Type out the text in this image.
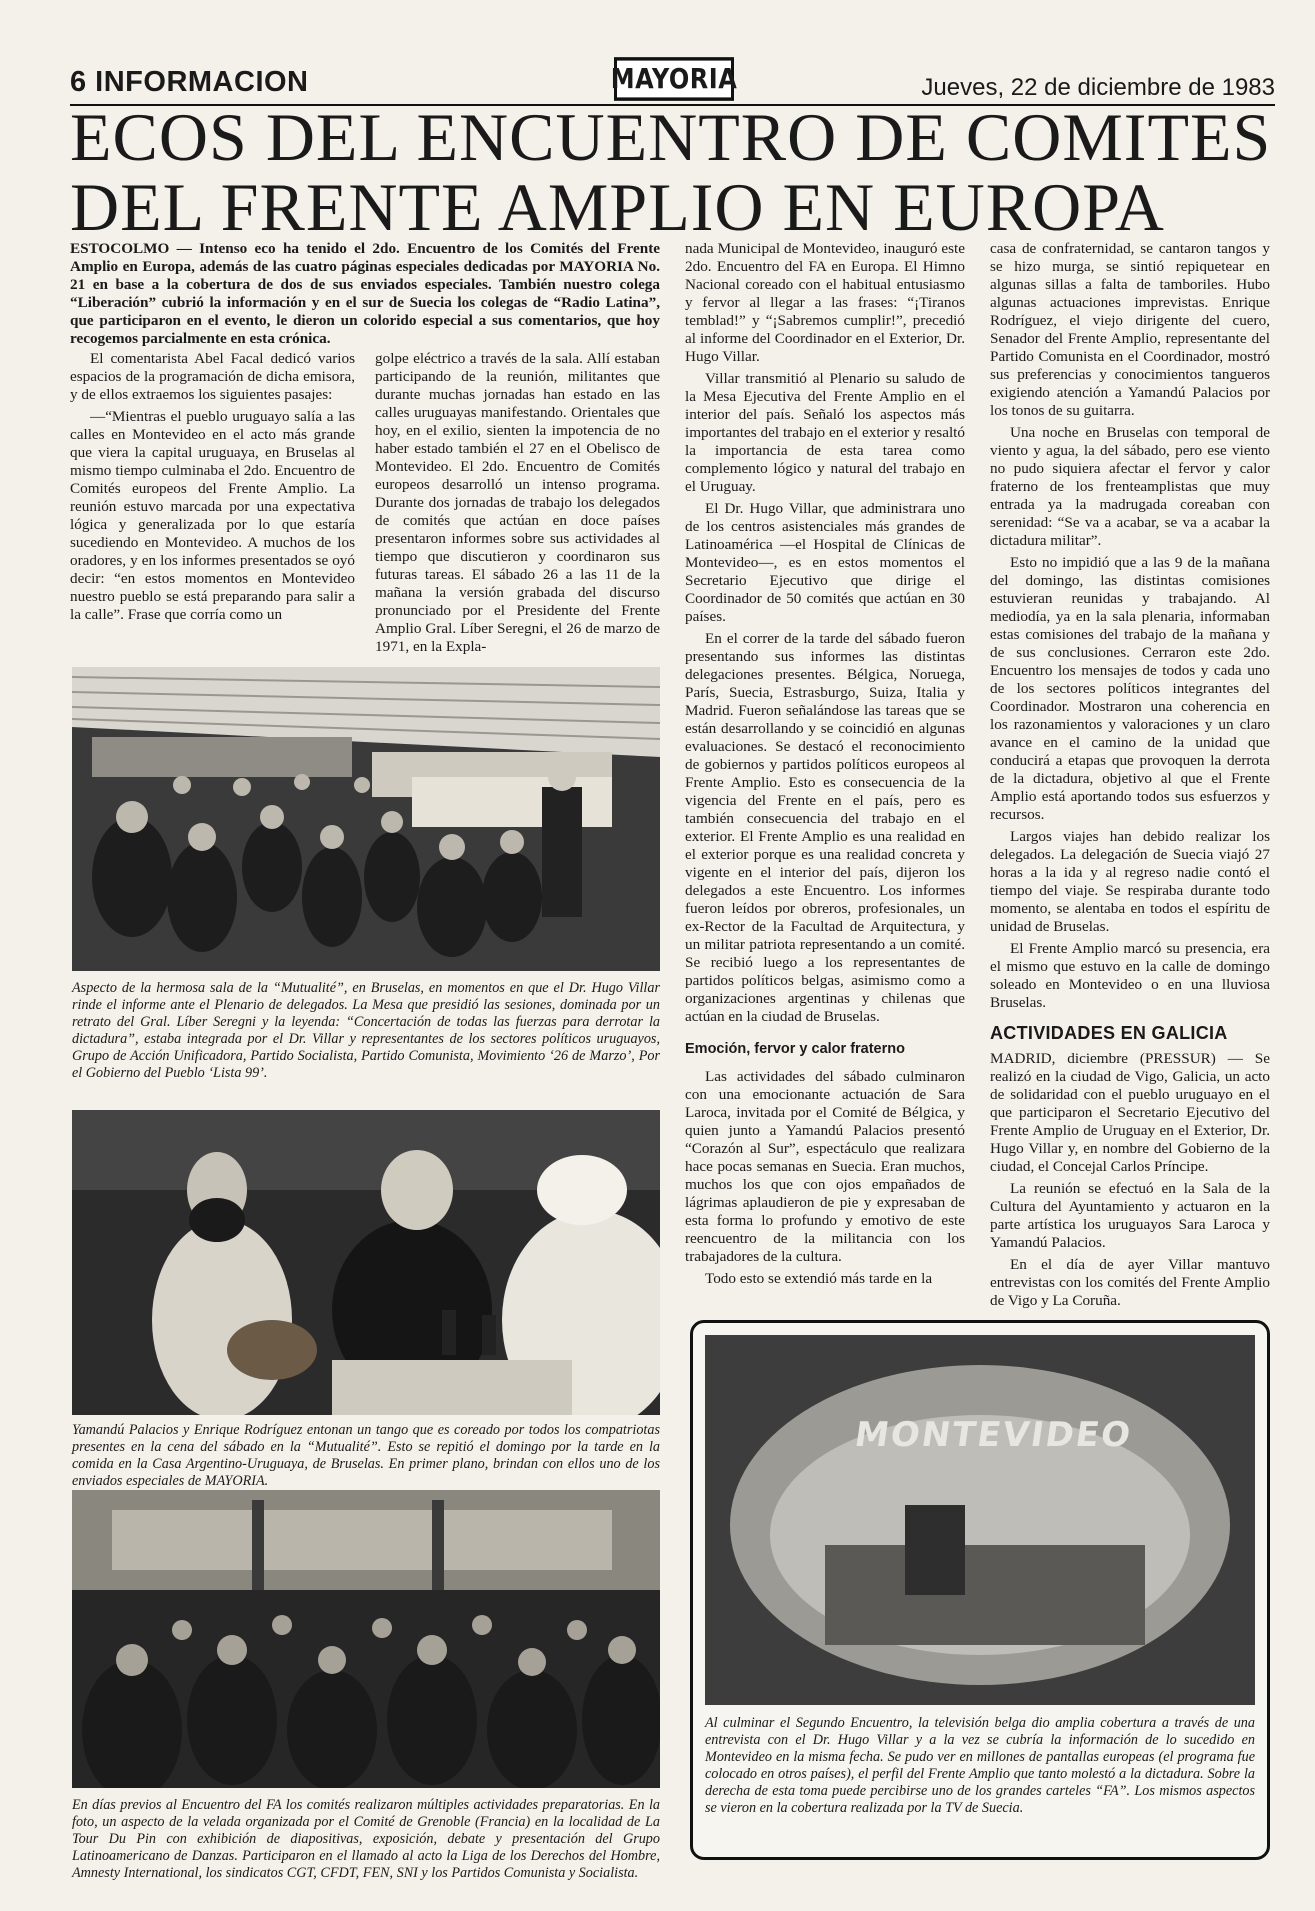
6 INFORMACION	MAYORIA	Jueves, 22 de diciembre de 1983
ECOS DEL ENCUENTRO DE COMITES
DEL FRENTE AMPLIO EN EUROPA

ESTOCOLMO — Intenso eco ha tenido el 2do. Encuentro de los Comités del Frente Amplio en Europa, además de las cuatro páginas especiales dedicadas por MAYORIA No. 21 en base a la cobertura de dos de sus enviados especiales. También nuestro colega “Liberación” cubrió la información y en el sur de Suecia los colegas de “Radio Latina”, que participaron en el evento, le dieron un colorido especial a sus comentarios, que hoy recogemos parcialmente en esta crónica.

El comentarista Abel Facal dedicó varios espacios de la programación de dicha emisora, y de ellos extraemos los siguientes pasajes:

—“Mientras el pueblo uruguayo salía a las calles en Montevideo en el acto más grande que viera la capital uruguaya, en Bruselas al mismo tiempo culminaba el 2do. Encuentro de Comités europeos del Frente Amplio. La reunión estuvo marcada por una expectativa lógica y generalizada por lo que estaría sucediendo en Montevideo. A muchos de los oradores, y en los informes presentados se oyó decir: “en estos momentos en Montevideo nuestro pueblo se está preparando para salir a la calle”. Frase que corría como un

golpe eléctrico a través de la sala. Allí estaban participando de la reunión, militantes que durante muchas jornadas han estado en las calles uruguayas manifestando. Orientales que hoy, en el exilio, sienten la impotencia de no haber estado también el 27 en el Obelisco de Montevideo. El 2do. Encuentro de Comités europeos desarrolló un intenso programa. Durante dos jornadas de trabajo los delegados de comités que actúan en doce países presentaron informes sobre sus actividades al tiempo que discutieron y coordinaron sus futuras tareas. El sábado 26 a las 11 de la mañana la versión grabada del discurso pronunciado por el Presidente del Frente Amplio Gral. Líber Seregni, el 26 de marzo de 1971, en la Expla-

Aspecto de la hermosa sala de la “Mutualité”, en Bruselas, en momentos en que el Dr. Hugo Villar rinde el informe ante el Plenario de delegados. La Mesa que presidió las sesiones, dominada por un retrato del Gral. Líber Seregni y la leyenda: “Concertación de todas las fuerzas para derrotar la dictadura”, estaba integrada por el Dr. Villar y representantes de los sectores políticos uruguayos, Grupo de Acción Unificadora, Partido Socialista, Partido Comunista, Movimiento ‘26 de Marzo’, Por el Gobierno del Pueblo ‘Lista 99’.
Yamandú Palacios y Enrique Rodríguez entonan un tango que es coreado por todos los compatriotas presentes en la cena del sábado en la “Mutualité”. Esto se repitió el domingo por la tarde en la comida en la Casa Argentino-Uruguaya, de Bruselas. En primer plano, brindan con ellos uno de los enviados especiales de MAYORIA.
En días previos al Encuentro del FA los comités realizaron múltiples actividades preparatorias. En la foto, un aspecto de la velada organizada por el Comité de Grenoble (Francia) en la localidad de La Tour Du Pin con exhibición de diapositivas, exposición, debate y presentación del Grupo Latinoamericano de Danzas. Participaron en el llamado al acto la Liga de los Derechos del Hombre, Amnesty International, los sindicatos CGT, CFDT, FEN, SNI y los Partidos Comunista y Socialista.

nada Municipal de Montevideo, inauguró este 2do. Encuentro del FA en Europa. El Himno Nacional coreado con el habitual entusiasmo y fervor al llegar a las frases: “¡Tiranos temblad!” y “¡Sabremos cumplir!”, precedió al informe del Coordinador en el Exterior, Dr. Hugo Villar.

Villar transmitió al Plenario su saludo de la Mesa Ejecutiva del Frente Amplio en el interior del país. Señaló los aspectos más importantes del trabajo en el exterior y resaltó la importancia de esta tarea como complemento lógico y natural del trabajo en el Uruguay.

El Dr. Hugo Villar, que administrara uno de los centros asistenciales más grandes de Latinoamérica —el Hospital de Clínicas de Montevideo—, es en estos momentos el Secretario Ejecutivo que dirige el Coordinador de 50 comités que actúan en 30 países.

En el correr de la tarde del sábado fueron presentando sus informes las distintas delegaciones presentes. Bélgica, Noruega, París, Suecia, Estrasburgo, Suiza, Italia y Madrid. Fueron señalándose las tareas que se están desarrollando y se coincidió en algunas evaluaciones. Se destacó el reconocimiento de gobiernos y partidos políticos europeos al Frente Amplio. Esto es consecuencia de la vigencia del Frente en el país, pero es también consecuencia del trabajo en el exterior. El Frente Amplio es una realidad en el exterior porque es una realidad concreta y vigente en el interior del país, dijeron los delegados a este Encuentro. Los informes fueron leídos por obreros, profesionales, un ex-Rector de la Facultad de Arquitectura, y un militar patriota representando a un comité. Se recibió luego a los representantes de partidos políticos belgas, asimismo como a organizaciones argentinas y chilenas que actúan en la ciudad de Bruselas.

Emoción, fervor y calor fraterno

Las actividades del sábado culminaron con una emocionante actuación de Sara Laroca, invitada por el Comité de Bélgica, y quien junto a Yamandú Palacios presentó “Corazón al Sur”, espectáculo que realizara hace pocas semanas en Suecia. Eran muchos, muchos los que con ojos empañados de lágrimas aplaudieron de pie y expresaban de esta forma lo profundo y emotivo de este reencuentro de la militancia con los trabajadores de la cultura.

Todo esto se extendió más tarde en la

casa de confraternidad, se cantaron tangos y se hizo murga, se sintió repiquetear en algunas sillas a falta de tamboriles. Hubo algunas actuaciones imprevistas. Enrique Rodríguez, el viejo dirigente del cuero, Senador del Frente Amplio, representante del Partido Comunista en el Coordinador, mostró sus preferencias y conocimientos tangueros exigiendo atención a Yamandú Palacios por los tonos de su guitarra.

Una noche en Bruselas con temporal de viento y agua, la del sábado, pero ese viento no pudo siquiera afectar el fervor y calor fraterno de los frenteamplistas que muy entrada ya la madrugada coreaban con serenidad: “Se va a acabar, se va a acabar la dictadura militar”.

Esto no impidió que a las 9 de la mañana del domingo, las distintas comisiones estuvieran reunidas y trabajando. Al mediodía, ya en la sala plenaria, informaban estas comisiones del trabajo de la mañana y de sus conclusiones. Cerraron este 2do. Encuentro los mensajes de todos y cada uno de los sectores políticos integrantes del Coordinador. Mostraron una coherencia en los razonamientos y valoraciones y un claro avance en el camino de la unidad que conducirá a etapas que provoquen la derrota de la dictadura, objetivo al que el Frente Amplio está aportando todos sus esfuerzos y recursos.

Largos viajes han debido realizar los delegados. La delegación de Suecia viajó 27 horas a la ida y al regreso nadie contó el tiempo del viaje. Se respiraba durante todo momento, se alentaba en todos el espíritu de unidad de Bruselas.

El Frente Amplio marcó su presencia, era el mismo que estuvo en la calle de domingo soleado en Montevideo o en una lluviosa Bruselas.

ACTIVIDADES EN GALICIA

MADRID, diciembre (PRESSUR) — Se realizó en la ciudad de Vigo, Galicia, un acto de solidaridad con el pueblo uruguayo en el que participaron el Secretario Ejecutivo del Frente Amplio de Uruguay en el Exterior, Dr. Hugo Villar y, en nombre del Gobierno de la ciudad, el Concejal Carlos Príncipe.

La reunión se efectuó en la Sala de la Cultura del Ayuntamiento y actuaron en la parte artística los uruguayos Sara Laroca y Yamandú Palacios.

En el día de ayer Villar mantuvo entrevistas con los comités del Frente Amplio de Vigo y La Coruña.

MONTEVIDEO
Al culminar el Segundo Encuentro, la televisión belga dio amplia cobertura a través de una entrevista con el Dr. Hugo Villar y a la vez se cubría la información de lo sucedido en Montevideo en la misma fecha. Se pudo ver en millones de pantallas europeas (el programa fue colocado en otros países), el perfil del Frente Amplio que tanto molestó a la dictadura. Sobre la derecha de esta toma puede percibirse uno de los grandes carteles “FA”. Los mismos aspectos se vieron en la cobertura realizada por la TV de Suecia.
